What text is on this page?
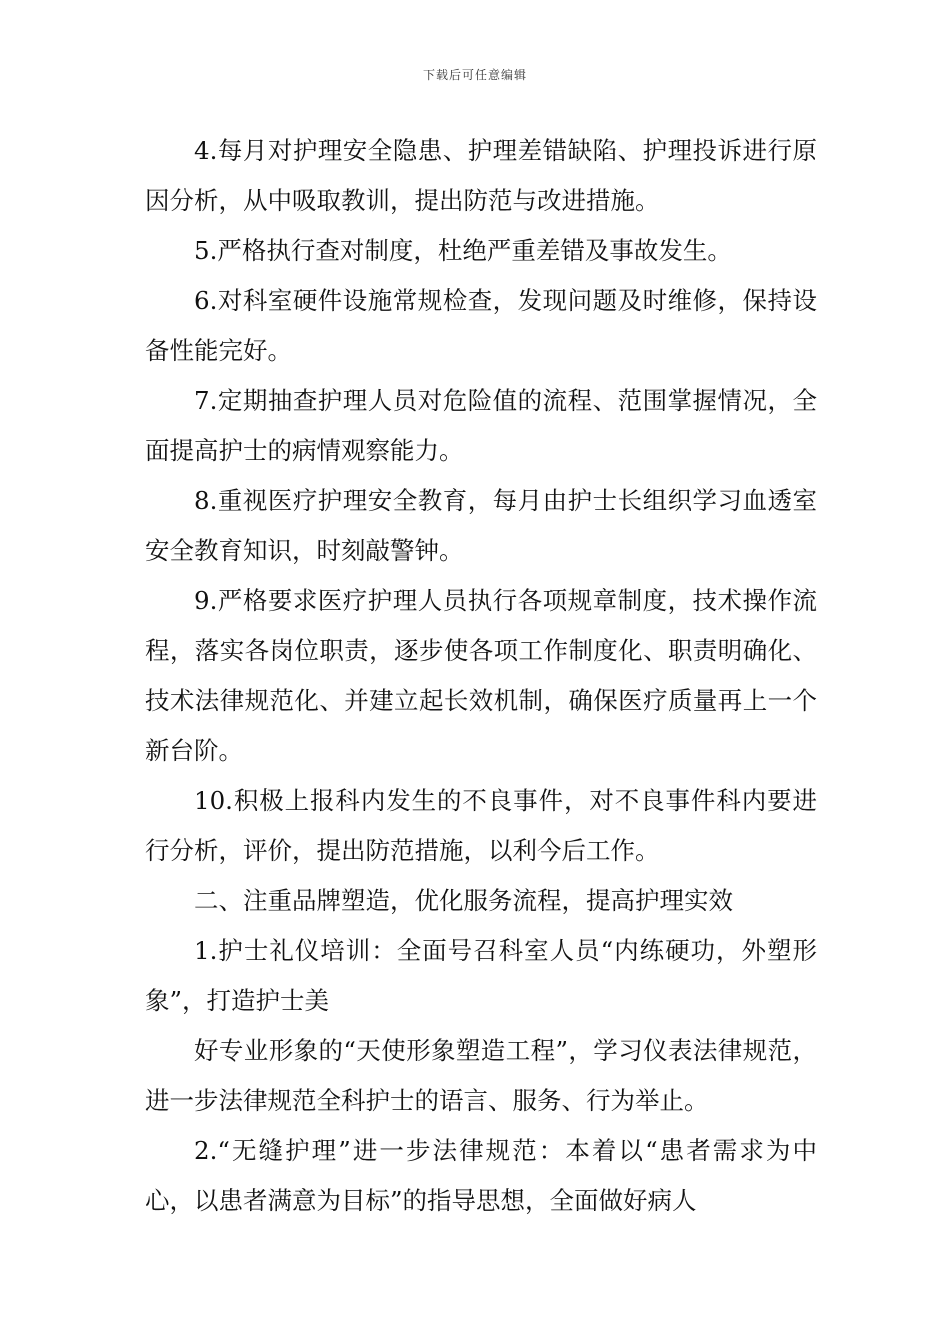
下载后可任意编辑

4.每月对护理安全隐患、护理差错缺陷、护理投诉进行原因分析，从中吸取教训，提出防范与改进措施。

5.严格执行查对制度，杜绝严重差错及事故发生。

6.对科室硬件设施常规检查，发现问题及时维修，保持设备性能完好。

7.定期抽查护理人员对危险值的流程、范围掌握情况，全面提高护士的病情观察能力。

8.重视医疗护理安全教育，每月由护士长组织学习血透室安全教育知识，时刻敲警钟。

9.严格要求医疗护理人员执行各项规章制度，技术操作流程，落实各岗位职责，逐步使各项工作制度化、职责明确化、技术法律规范化、并建立起长效机制，确保医疗质量再上一个新台阶。

10.积极上报科内发生的不良事件，对不良事件科内要进行分析，评价，提出防范措施，以利今后工作。

二、注重品牌塑造，优化服务流程，提高护理实效

1.护士礼仪培训：全面号召科室人员“内练硬功，外塑形象”，打造护士美

好专业形象的“天使形象塑造工程”，学习仪表法律规范，进一步法律规范全科护士的语言、服务、行为举止。

2.“无缝护理”进一步法律规范：本着以“患者需求为中心，以患者满意为目标”的指导思想，全面做好病人
